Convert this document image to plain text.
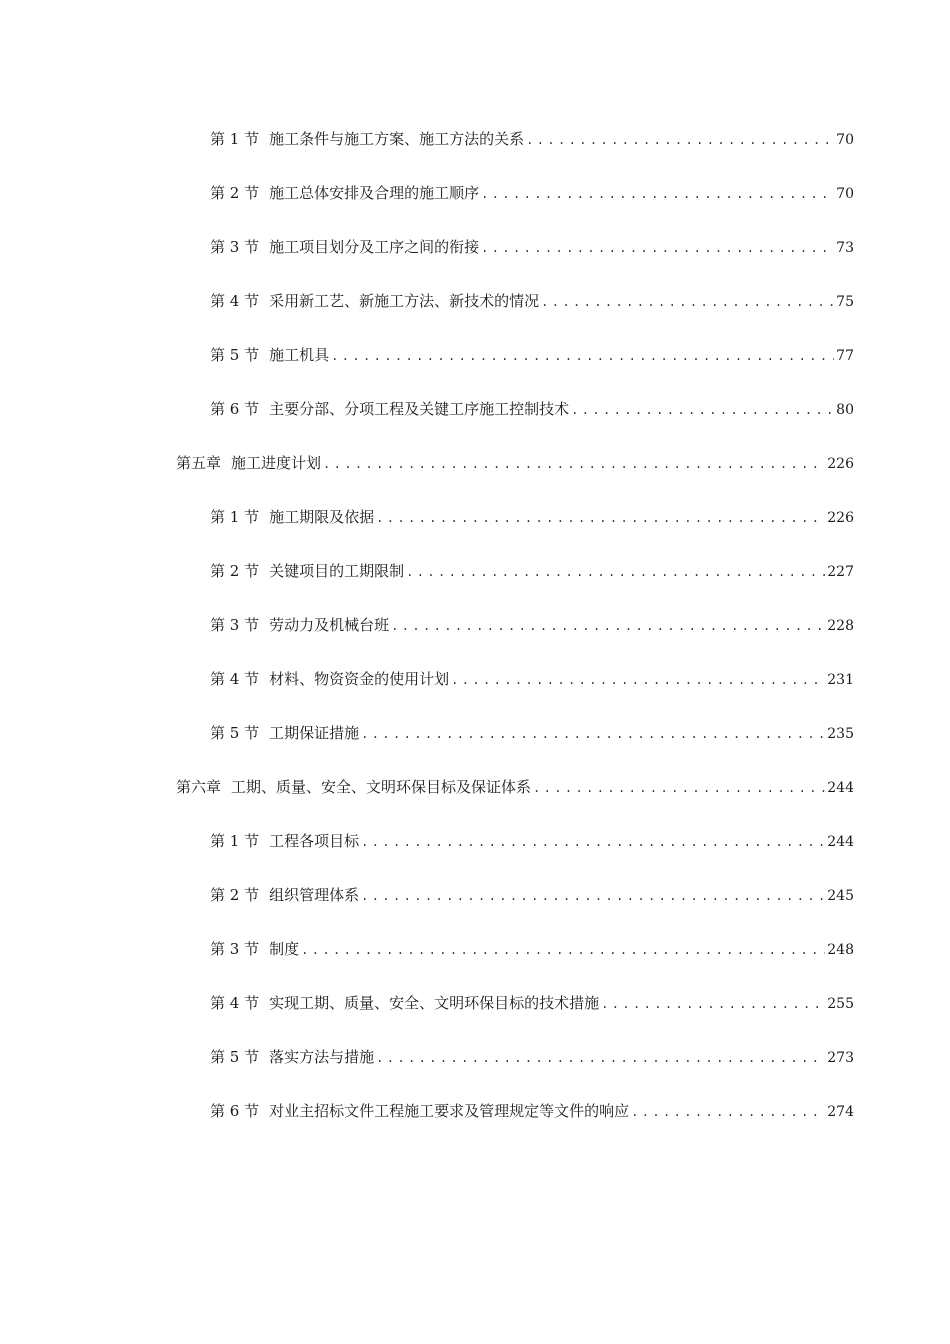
第 1 节 施工条件与施工方案、施工方法的关系 .....	70
第 2 节 施工总体安排及合理的施工顺序 .....	70
第 3 节 施工项目划分及工序之间的衔接 .....	73
第 4 节 采用新工艺、新施工方法、新技术的情况 .....	75
第 5 节 施工机具 .....	77
第 6 节 主要分部、分项工程及关键工序施工控制技术 .....	80
第五章 施工进度计划 .....	226
第 1 节 施工期限及依据 .....	226
第 2 节 关键项目的工期限制 .....	227
第 3 节 劳动力及机械台班 .....	228
第 4 节 材料、物资资金的使用计划 .....	231
第 5 节 工期保证措施 .....	235
第六章 工期、质量、安全、文明环保目标及保证体系 .....	244
第 1 节 工程各项目标 .....	244
第 2 节 组织管理体系 .....	245
第 3 节 制度 .....	248
第 4 节 实现工期、质量、安全、文明环保目标的技术措施 .....	255
第 5 节 落实方法与措施 .....	273
第 6 节 对业主招标文件工程施工要求及管理规定等文件的响应 .....	274
